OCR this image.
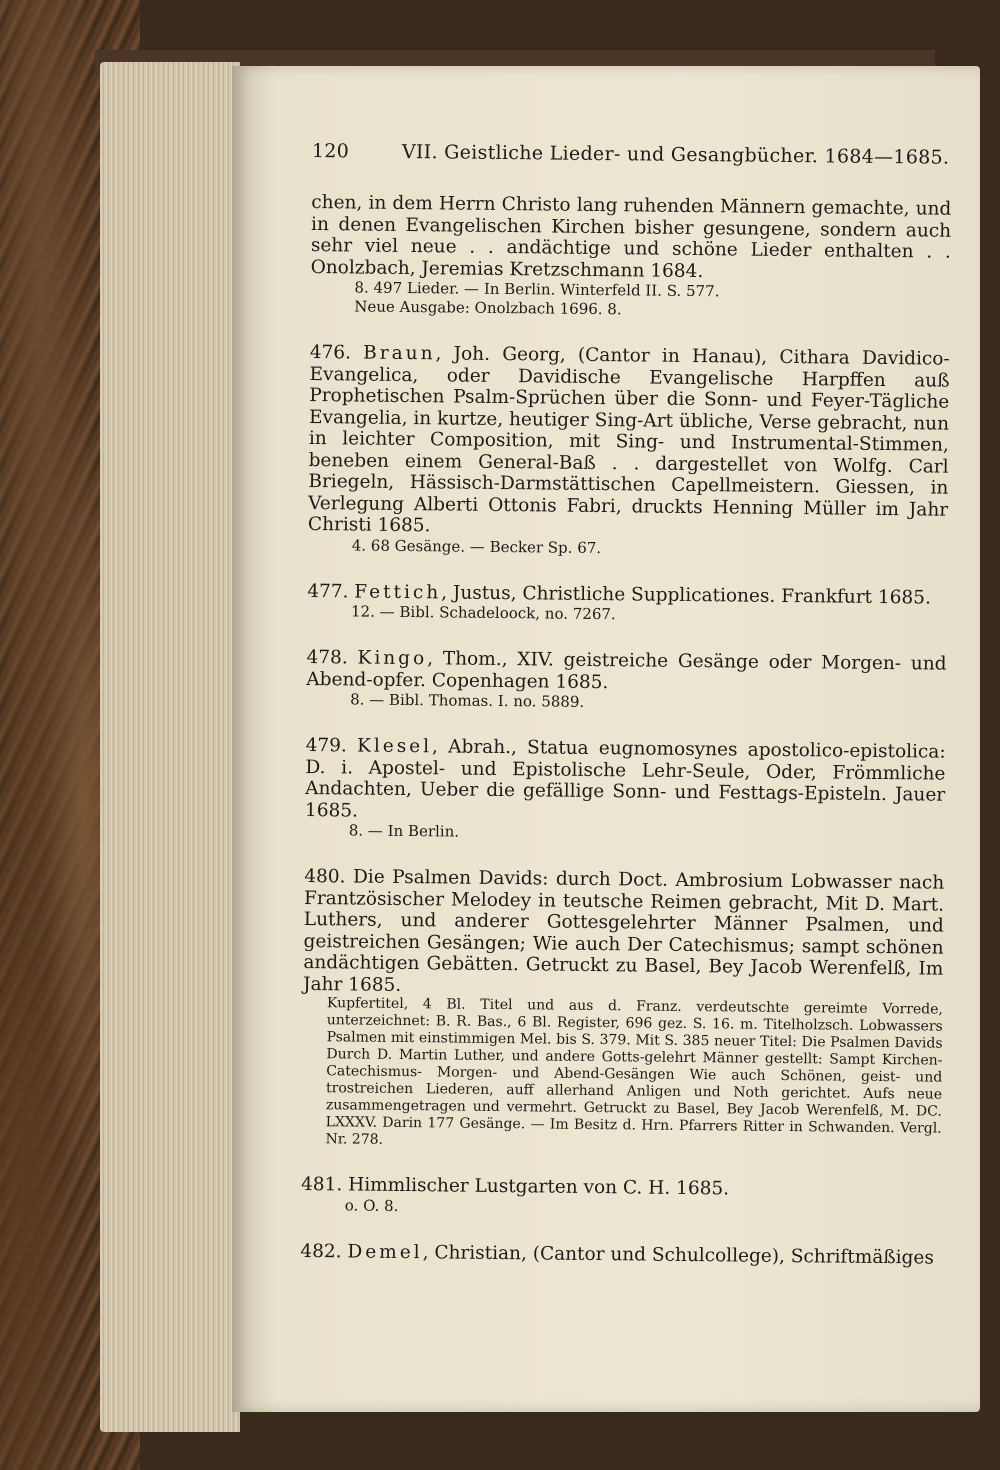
120	VII. Geistliche Lieder- und Gesangbücher. 1684—1685.

chen, in dem Herrn Christo lang ruhenden Männern gemachte, und in denen Evangelischen Kirchen bisher gesungene, sondern auch sehr viel neue . . andächtige und schöne Lieder enthalten . . Onolzbach, Jeremias Kretzschmann 1684.

8. 497 Lieder. — In Berlin. Winterfeld II. S. 577.

Neue Ausgabe: Onolzbach 1696. 8.

476. Braun, Joh. Georg, (Cantor in Hanau), Cithara Davidico-Evangelica, oder Davidische Evangelische Harpffen auß Prophetischen Psalm-Sprüchen über die Sonn- und Feyer-Tägliche Evangelia, in kurtze, heutiger Sing-Art übliche, Verse gebracht, nun in leichter Composition, mit Sing- und Instrumental-Stimmen, beneben einem General-Baß . . dargestellet von Wolfg. Carl Briegeln, Hässisch-Darmstättischen Capellmeistern. Giessen, in Verlegung Alberti Ottonis Fabri, druckts Henning Müller im Jahr Christi 1685.

4. 68 Gesänge. — Becker Sp. 67.

477. Fettich, Justus, Christliche Supplicationes. Frankfurt 1685.

12. — Bibl. Schadeloock, no. 7267.

478. Kingo, Thom., XIV. geistreiche Gesänge oder Morgen- und Abend-opfer. Copenhagen 1685.

8. — Bibl. Thomas. I. no. 5889.

479. Klesel, Abrah., Statua eugnomosynes apostolico-epistolica: D. i. Apostel- und Epistolische Lehr-Seule, Oder, Frömmliche Andachten, Ueber die gefällige Sonn- und Festtags-Episteln. Jauer 1685.

8. — In Berlin.

480. Die Psalmen Davids: durch Doct. Ambrosium Lobwasser nach Frantzösischer Melodey in teutsche Reimen gebracht, Mit D. Mart. Luthers, und anderer Gottesgelehrter Männer Psalmen, und geistreichen Gesängen; Wie auch Der Catechismus; sampt schönen andächtigen Gebätten. Getruckt zu Basel, Bey Jacob Werenfelß, Im Jahr 1685.

Kupfertitel, 4 Bl. Titel und aus d. Franz. verdeutschte gereimte Vorrede, unterzeichnet: B. R. Bas., 6 Bl. Register, 696 gez. S. 16. m. Titelholzsch. Lobwassers Psalmen mit einstimmigen Mel. bis S. 379. Mit S. 385 neuer Titel: Die Psalmen Davids Durch D. Martin Luther, und andere Gotts-gelehrt Männer gestellt: Sampt Kirchen- Catechismus- Morgen- und Abend-Gesängen Wie auch Schönen, geist- und trostreichen Liederen, auff allerhand Anligen und Noth gerichtet. Aufs neue zusammengetragen und vermehrt. Getruckt zu Basel, Bey Jacob Werenfelß, M. DC. LXXXV. Darin 177 Gesänge. — Im Besitz d. Hrn. Pfarrers Ritter in Schwanden. Vergl. Nr. 278.

481. Himmlischer Lustgarten von C. H. 1685.

o. O. 8.

482. Demel, Christian, (Cantor und Schulcollege), Schriftmäßiges
